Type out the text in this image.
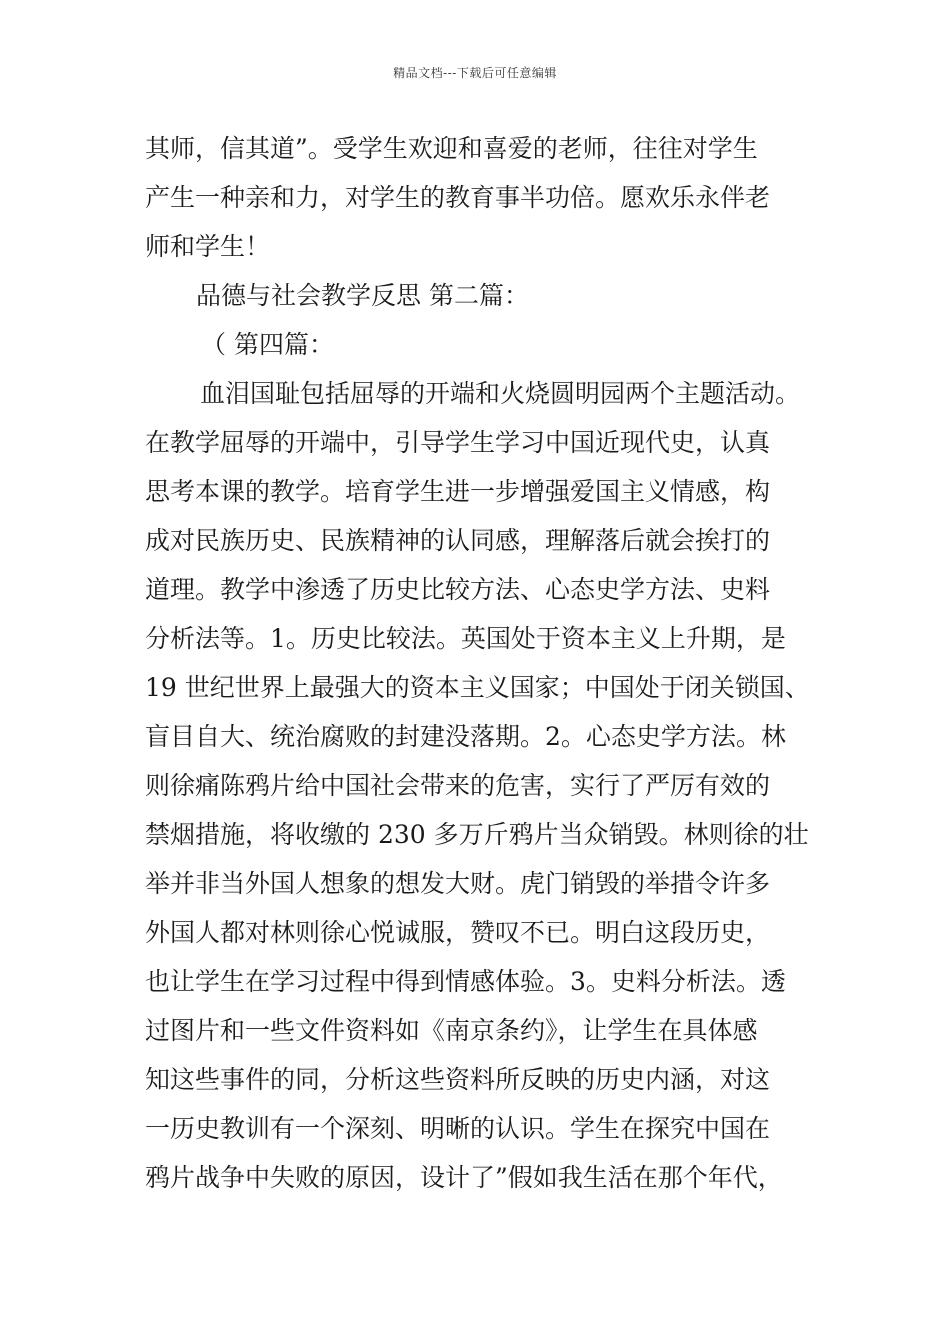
精品文档---下载后可任意编辑
其师，信其道”。受学生欢迎和喜爱的老师，往往对学生
产生一种亲和力，对学生的教育事半功倍。愿欢乐永伴老
师和学生！
品德与社会教学反思 第二篇：
（ 第四篇：
血泪国耻包括屈辱的开端和火烧圆明园两个主题活动。
在教学屈辱的开端中，引导学生学习中国近现代史，认真
思考本课的教学。培育学生进一步增强爱国主义情感，构
成对民族历史、民族精神的认同感，理解落后就会挨打的
道理。教学中渗透了历史比较方法、心态史学方法、史料
分析法等。1。历史比较法。英国处于资本主义上升期，是
19 世纪世界上最强大的资本主义国家；中国处于闭关锁国、
盲目自大、统治腐败的封建没落期。2。心态史学方法。林
则徐痛陈鸦片给中国社会带来的危害，实行了严厉有效的
禁烟措施，将收缴的 230 多万斤鸦片当众销毁。林则徐的壮
举并非当外国人想象的想发大财。虎门销毁的举措令许多
外国人都对林则徐心悦诚服，赞叹不已。明白这段历史，
也让学生在学习过程中得到情感体验。3。史料分析法。透
过图片和一些文件资料如《南京条约》，让学生在具体感
知这些事件的同，分析这些资料所反映的历史内涵，对这
一历史教训有一个深刻、明晰的认识。学生在探究中国在
鸦片战争中失败的原因，设计了”假如我生活在那个年代，
